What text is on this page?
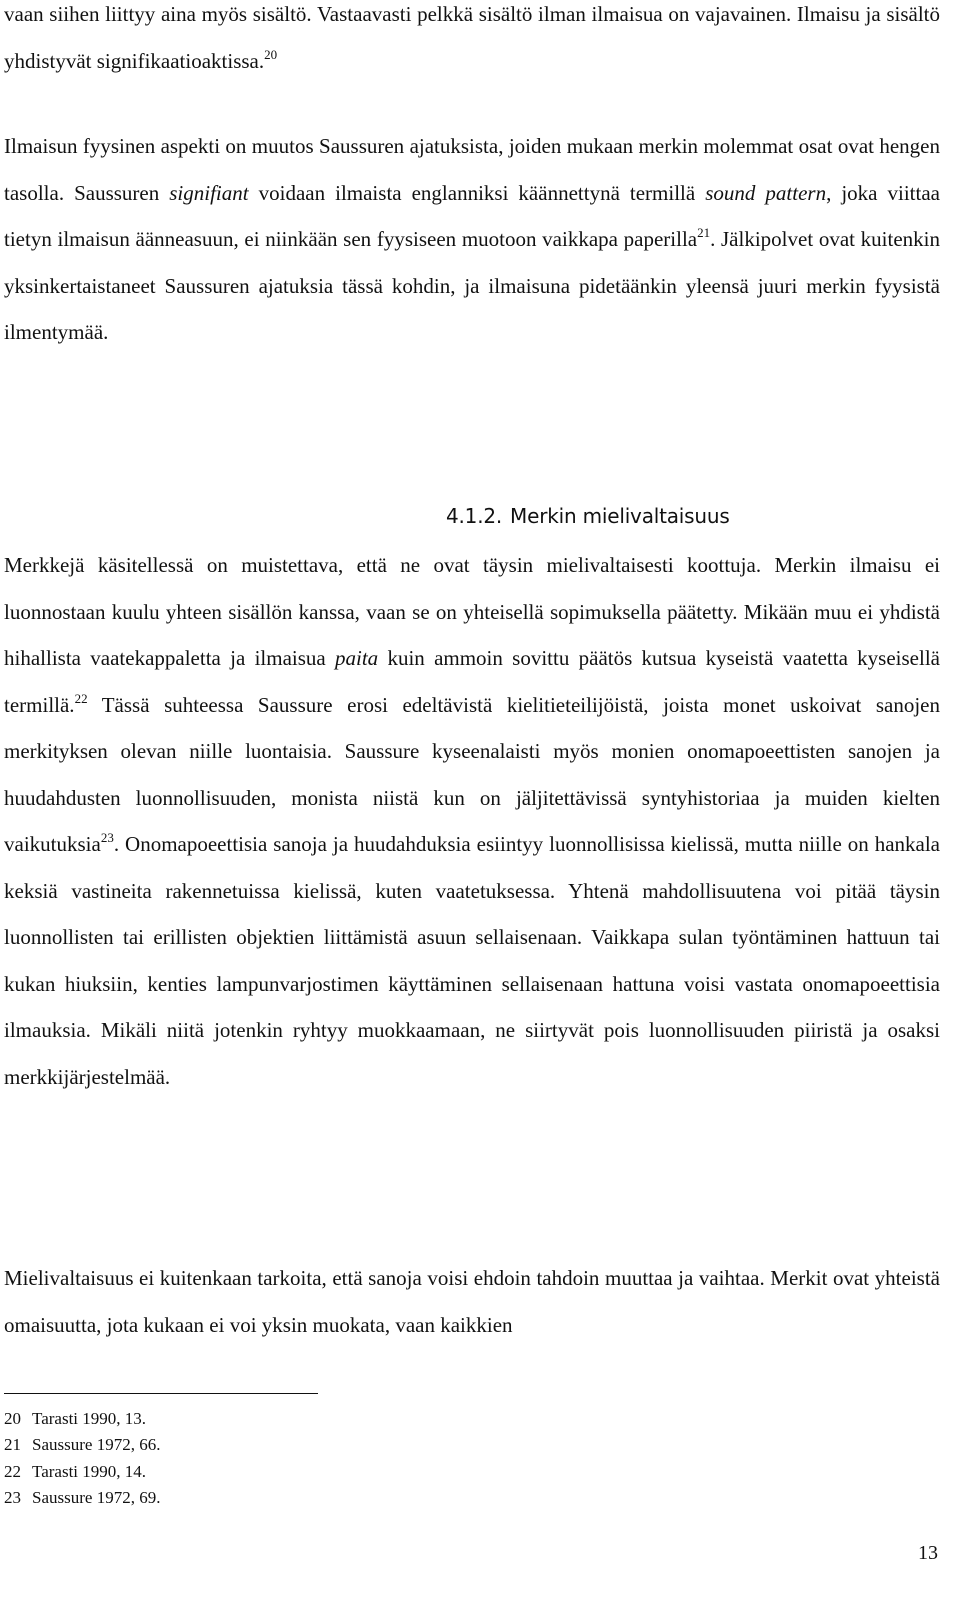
vaan siihen liittyy aina myös sisältö. Vastaavasti pelkkä sisältö ilman ilmaisua on vajavainen. Ilmaisu ja sisältö yhdistyvät signifikaatioaktissa.$^{20}$

Ilmaisun fyysinen aspekti on muutos Saussuren ajatuksista, joiden mukaan merkin molemmat osat ovat hengen tasolla. Saussuren signifiant voidaan ilmaista englanniksi käännettynä termillä sound pattern, joka viittaa tietyn ilmaisun äänneasuun, ei niinkään sen fyysiseen muotoon vaikkapa paperilla$^{21}$. Jälkipolvet ovat kuitenkin yksinkertaistaneet Saussuren ajatuksia tässä kohdin, ja ilmaisuna pidetäänkin yleensä juuri merkin fyysistä ilmentymää.

4.1.2. Merkin mielivaltaisuus

Merkkejä käsitellessä on muistettava, että ne ovat täysin mielivaltaisesti koottuja. Merkin ilmaisu ei luonnostaan kuulu yhteen sisällön kanssa, vaan se on yhteisellä sopimuksella päätetty. Mikään muu ei yhdistä hihallista vaatekappaletta ja ilmaisua paita kuin ammoin sovittu päätös kutsua kyseistä vaatetta kyseisellä termillä.$^{22}$ Tässä suhteessa Saussure erosi edeltävistä kielitieteilijöistä, joista monet uskoivat sanojen merkityksen olevan niille luontaisia. Saussure kyseenalaisti myös monien onomapoeettisten sanojen ja huudahdusten luonnollisuuden, monista niistä kun on jäljitettävissä syntyhistoriaa ja muiden kielten vaikutuksia$^{23}$. Onomapoeettisia sanoja ja huudahduksia esiintyy luonnollisissa kielissä, mutta niille on hankala keksiä vastineita rakennetuissa kielissä, kuten vaatetuksessa. Yhtenä mahdollisuutena voi pitää täysin luonnollisten tai erillisten objektien liittämistä asuun sellaisenaan. Vaikkapa sulan työntäminen hattuun tai kukan hiuksiin, kenties lampunvarjostimen käyttäminen sellaisenaan hattuna voisi vastata onomapoeettisia ilmauksia. Mikäli niitä jotenkin ryhtyy muokkaamaan, ne siirtyvät pois luonnollisuuden piiristä ja osaksi merkkijärjestelmää.

Mielivaltaisuus ei kuitenkaan tarkoita, että sanoja voisi ehdoin tahdoin muuttaa ja vaihtaa. Merkit ovat yhteistä omaisuutta, jota kukaan ei voi yksin muokata, vaan kaikkien

20 Tarasti 1990, 13.
21 Saussure 1972, 66.
22 Tarasti 1990, 14.
23 Saussure 1972, 69.
13
